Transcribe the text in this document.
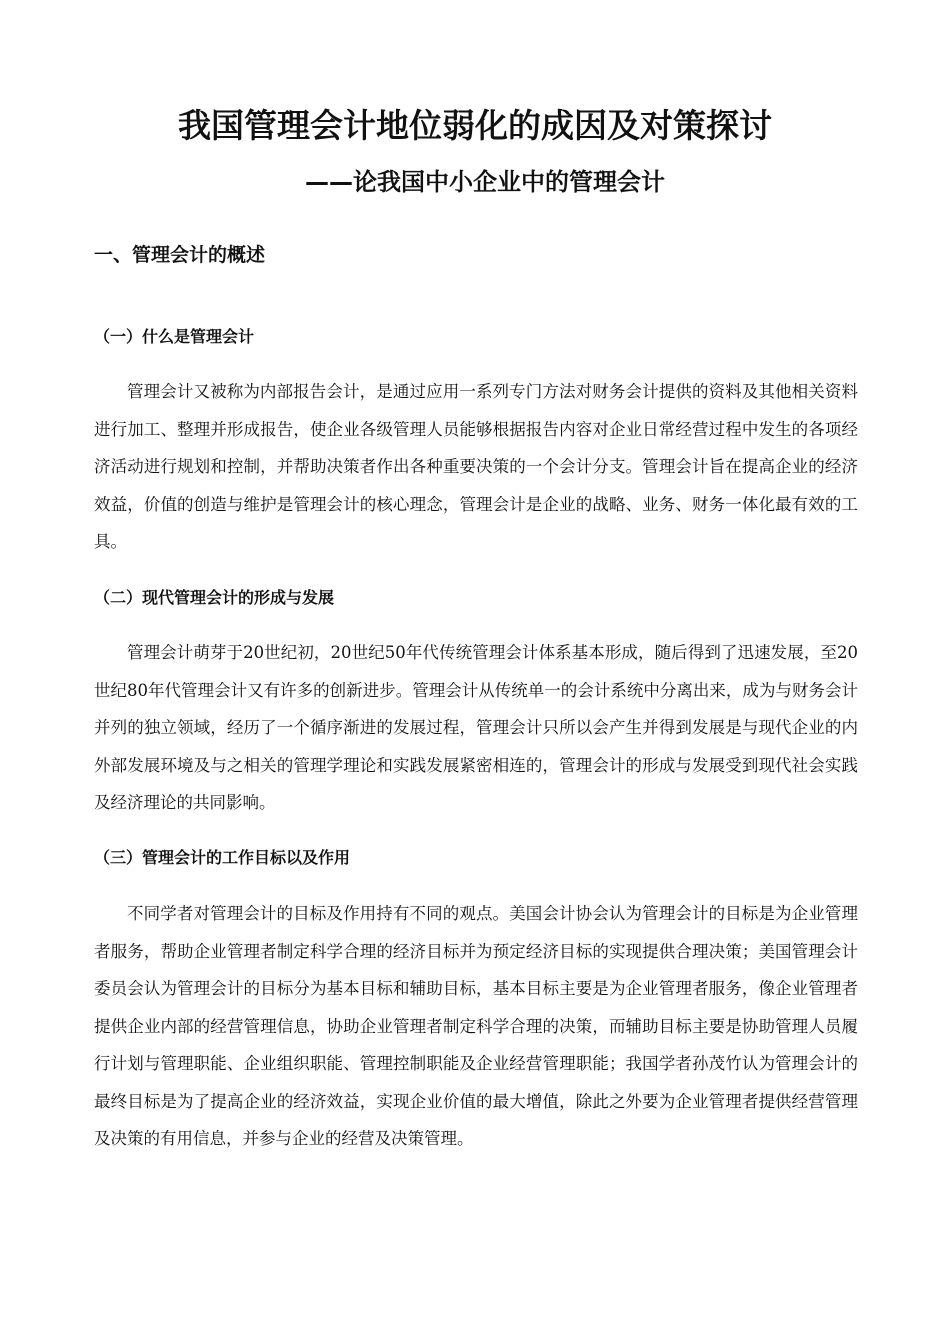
我国管理会计地位弱化的成因及对策探讨
——论我国中小企业中的管理会计
一、管理会计的概述
（一）什么是管理会计

管理会计又被称为内部报告会计，是通过应用一系列专门方法对财务会计提供的资料及其他相关资料进行加工、整理并形成报告，使企业各级管理人员能够根据报告内容对企业日常经营过程中发生的各项经济活动进行规划和控制，并帮助决策者作出各种重要决策的一个会计分支。管理会计旨在提高企业的经济效益，价值的创造与维护是管理会计的核心理念，管理会计是企业的战略、业务、财务一体化最有效的工具。

（二）现代管理会计的形成与发展

管理会计萌芽于20世纪初，20世纪50年代传统管理会计体系基本形成，随后得到了迅速发展，至20世纪80年代管理会计又有许多的创新进步。管理会计从传统单一的会计系统中分离出来，成为与财务会计并列的独立领域，经历了一个循序渐进的发展过程，管理会计只所以会产生并得到发展是与现代企业的内外部发展环境及与之相关的管理学理论和实践发展紧密相连的，管理会计的形成与发展受到现代社会实践及经济理论的共同影响。

（三）管理会计的工作目标以及作用

不同学者对管理会计的目标及作用持有不同的观点。美国会计协会认为管理会计的目标是为企业管理者服务，帮助企业管理者制定科学合理的经济目标并为预定经济目标的实现提供合理决策；美国管理会计委员会认为管理会计的目标分为基本目标和辅助目标，基本目标主要是为企业管理者服务，像企业管理者提供企业内部的经营管理信息，协助企业管理者制定科学合理的决策，而辅助目标主要是协助管理人员履行计划与管理职能、企业组织职能、管理控制职能及企业经营管理职能；我国学者孙茂竹认为管理会计的最终目标是为了提高企业的经济效益，实现企业价值的最大增值，除此之外要为企业管理者提供经营管理及决策的有用信息，并参与企业的经营及决策管理。
